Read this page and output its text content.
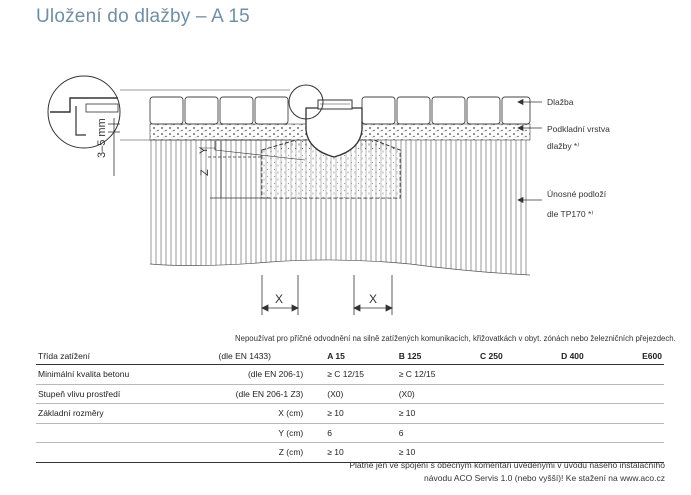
Uložení do dlažby – A 15
Dlažba
Podkladní vrstva
dlažby *⁾
Únosné podloží
dle TP170 *⁾
3–5 mm
Z
Y
X	X
Nepoužívat pro příčné odvodnění na silně zatížených komunikacích, křižovatkách v obyt. zónách nebo železničních přejezdech.
Třída zatížení	(dle EN 1433)	A 15	B 125	C 250	D 400	E600
Minimální kvalita betonu	(dle EN 206-1)	≥ C 12/15	≥ C 12/15			
Stupeň vlivu prostředí	(dle EN 206-1 Z3)	(X0)	(X0)			
Základní rozměry	X (cm)	≥ 10	≥ 10			
	Y (cm)	6	6			
	Z (cm)	≥ 10	≥ 10			
Platné jen ve spojení s obecným komentáři uvedenými v úvodu našeho instalačního
návodu ACO Servis 1.0 (nebo vyšší)! Ke stažení na www.aco.cz
